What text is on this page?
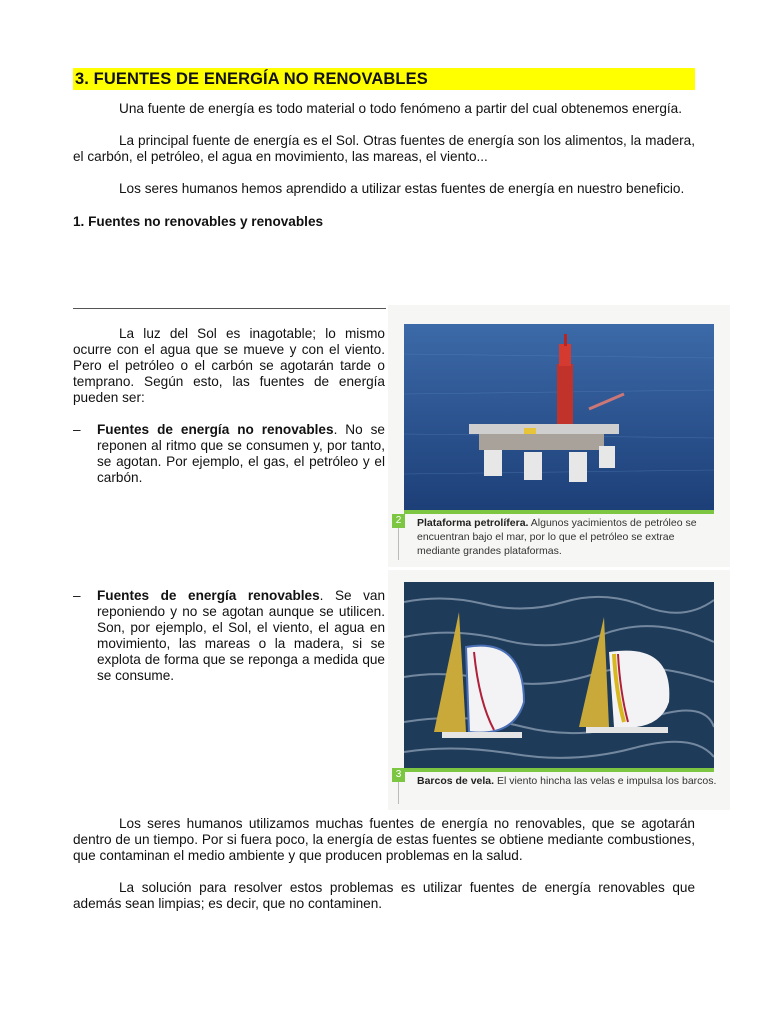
3. FUENTES DE ENERGÍA NO RENOVABLES

Una fuente de energía es todo material o todo fenómeno a partir del cual obtenemos energía.

La principal fuente de energía es el Sol. Otras fuentes de energía son los alimentos, la madera, el carbón, el petróleo, el agua en movimiento, las mareas, el viento...

Los seres humanos hemos aprendido a utilizar estas fuentes de energía en nuestro beneficio.

1. Fuentes no renovables y renovables

La luz del Sol es inagotable; lo mismo ocurre con el agua que se mueve y con el viento. Pero el petróleo o el carbón se agotarán tarde o temprano. Según esto, las fuentes de energía pueden ser:

– Fuentes de energía no renovables. No se reponen al ritmo que se consumen y, por tanto, se agotan. Por ejemplo, el gas, el petróleo y el carbón.

– Fuentes de energía renovables. Se van reponiendo y no se agotan aunque se utilicen. Son, por ejemplo, el Sol, el viento, el agua en movimiento, las mareas o la madera, si se explota de forma que se reponga a medida que se consume.

2	Plataforma petrolífera. Algunos yacimientos de petróleo se encuentran bajo el mar, por lo que el petróleo se extrae mediante grandes plataformas.
3
Barcos de vela. El viento hincha las velas e impulsa los barcos.

Los seres humanos utilizamos muchas fuentes de energía no renovables, que se agotarán dentro de un tiempo. Por si fuera poco, la energía de estas fuentes se obtiene mediante combustiones, que contaminan el medio ambiente y que producen problemas en la salud.

La solución para resolver estos problemas es utilizar fuentes de energía renovables que además sean limpias; es decir, que no contaminen.
